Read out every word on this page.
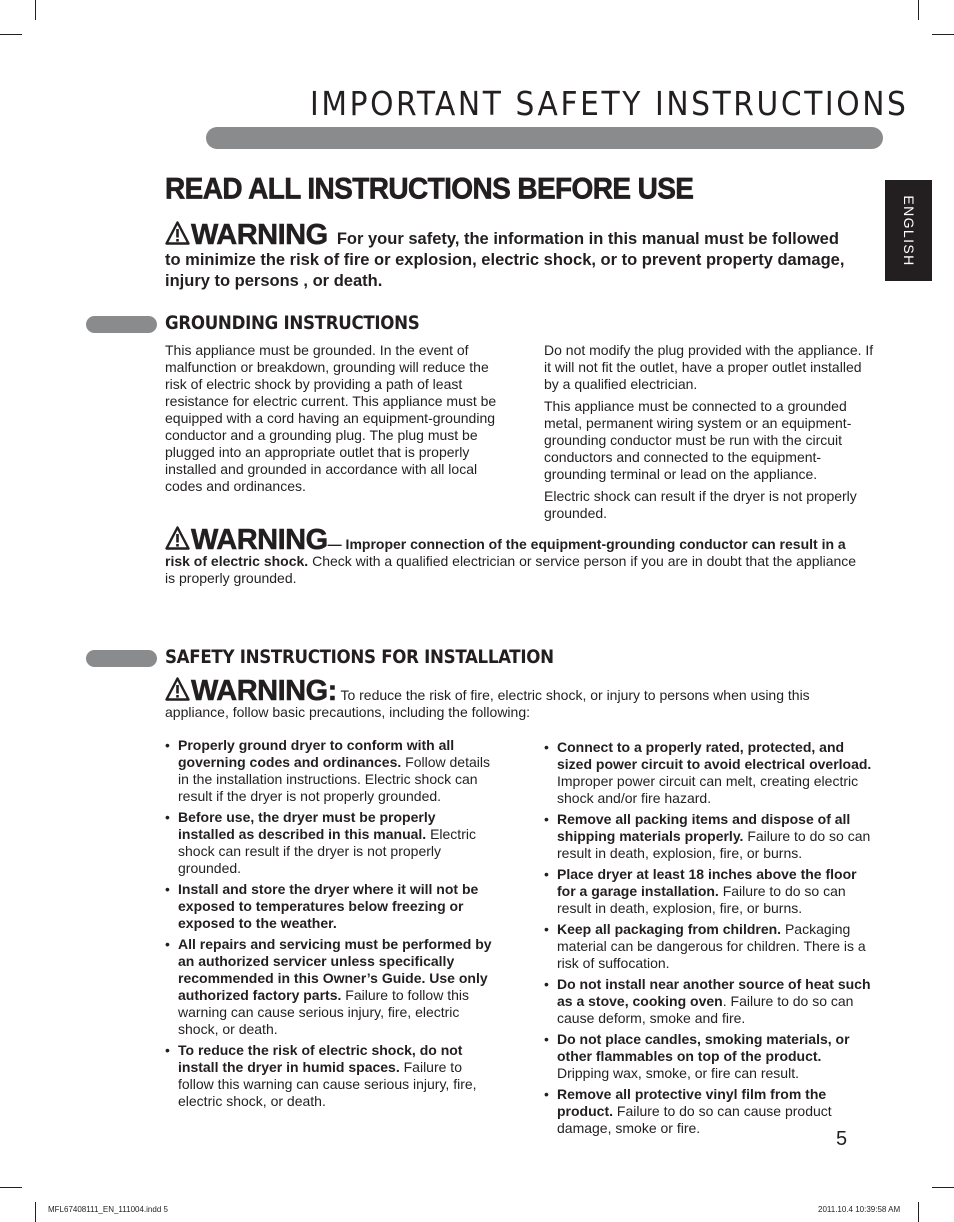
IMPORTANT SAFETY INSTRUCTIONS
ENGLISH
READ ALL INSTRUCTIONS BEFORE USE
WARNING For your safety, the information in this manual must be followed to minimize the risk of fire or explosion, electric shock, or to prevent property damage, injury to persons , or death.
GROUNDING INSTRUCTIONS

This appliance must be grounded. In the event of malfunction or breakdown, grounding will reduce the risk of electric shock by providing a path of least resistance for electric current. This appliance must be equipped with a cord having an equipment-grounding conductor and a grounding plug. The plug must be plugged into an appropriate outlet that is properly installed and grounded in accordance with all local codes and ordinances.

Do not modify the plug provided with the appliance. If it will not fit the outlet, have a proper outlet installed by a qualified electrician.

This appliance must be connected to a grounded metal, permanent wiring system or an equipment-grounding conductor must be run with the circuit conductors and connected to the equipment-grounding terminal or lead on the appliance.

Electric shock can result if the dryer is not properly grounded.

WARNING— Improper connection of the equipment-grounding conductor can result in a risk of electric shock. Check with a qualified electrician or service person if you are in doubt that the appliance is properly grounded.
SAFETY INSTRUCTIONS FOR INSTALLATION
WARNING: To reduce the risk of fire, electric shock, or injury to persons when using this appliance, follow basic precautions, including the following:
• Properly ground dryer to conform with all governing codes and ordinances. Follow details in the installation instructions. Electric shock can result if the dryer is not properly grounded.
• Before use, the dryer must be properly installed as described in this manual. Electric shock can result if the dryer is not properly grounded.
• Install and store the dryer where it will not be exposed to temperatures below freezing or exposed to the weather.
• All repairs and servicing must be performed by an authorized servicer unless specifically recommended in this Owner’s Guide. Use only authorized factory parts. Failure to follow this warning can cause serious injury, fire, electric shock, or death.
• To reduce the risk of electric shock, do not install the dryer in humid spaces. Failure to follow this warning can cause serious injury, fire, electric shock, or death.
• Connect to a properly rated, protected, and sized power circuit to avoid electrical overload. Improper power circuit can melt, creating electric shock and/or fire hazard.
• Remove all packing items and dispose of all shipping materials properly. Failure to do so can result in death, explosion, fire, or burns.
• Place dryer at least 18 inches above the floor for a garage installation. Failure to do so can result in death, explosion, fire, or burns.
• Keep all packaging from children. Packaging material can be dangerous for children. There is a risk of suffocation.
• Do not install near another source of heat such as a stove, cooking oven. Failure to do so can cause deform, smoke and fire.
• Do not place candles, smoking materials, or other flammables on top of the product. Dripping wax, smoke, or fire can result.
• Remove all protective vinyl film from the product. Failure to do so can cause product damage, smoke or fire.	5
MFL67408111_EN_111004.indd 5	2011.10.4 10:39:58 AM
